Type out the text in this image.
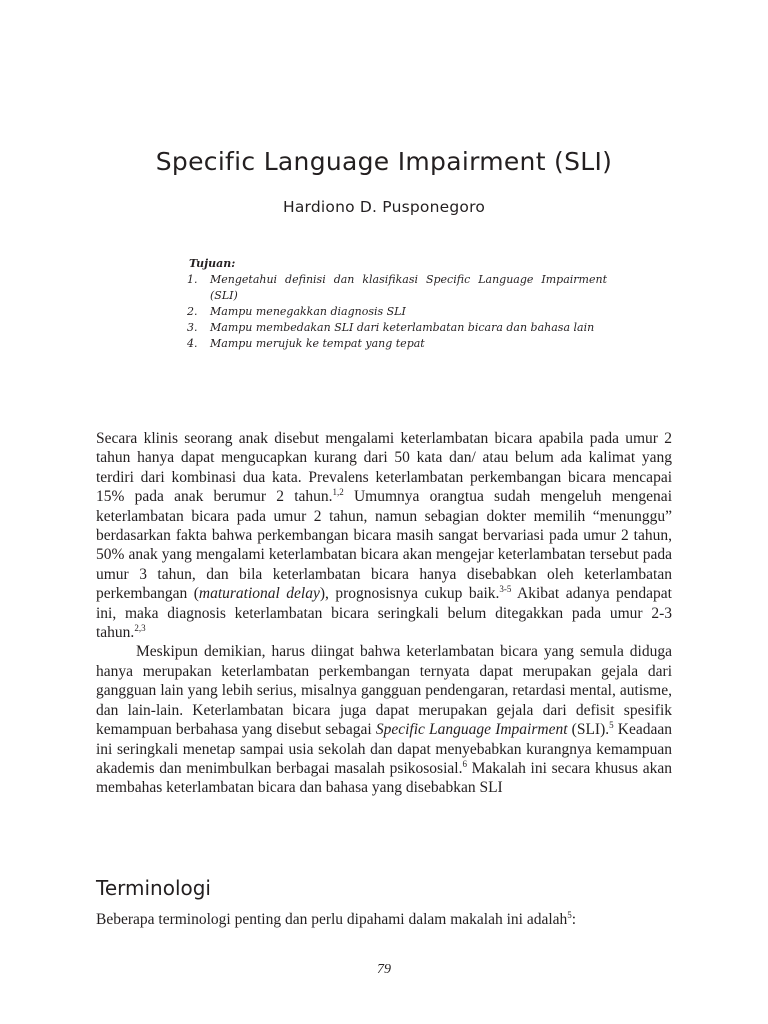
Specific Language Impairment (SLI)
Hardiono D. Pusponegoro
Tujuan:
1.	Mengetahui definisi dan klasifikasi Specific Language Impairment (SLI)
2.	Mampu menegakkan diagnosis SLI
3.	Mampu membedakan SLI dari keterlambatan bicara dan bahasa lain
4.	Mampu merujuk ke tempat yang tepat

Secara klinis seorang anak disebut mengalami keterlambatan bicara apabila pada umur 2 tahun hanya dapat mengucapkan kurang dari 50 kata dan/ atau belum ada kalimat yang terdiri dari kombinasi dua kata. Prevalens keterlambatan perkembangan bicara mencapai 15% pada anak berumur 2 tahun.$^{1,2}$ Umumnya orangtua sudah mengeluh mengenai keterlambatan bicara pada umur 2 tahun, namun sebagian dokter memilih “menunggu” berdasarkan fakta bahwa perkembangan bicara masih sangat bervariasi pada umur 2 tahun, 50% anak yang mengalami keterlambatan bicara akan mengejar keterlambatan tersebut pada umur 3 tahun, dan bila keterlambatan bicara hanya disebabkan oleh keterlambatan perkembangan (maturational delay), prognosisnya cukup baik.$^{3-5}$ Akibat adanya pendapat ini, maka diagnosis keterlambatan bicara seringkali belum ditegakkan pada umur 2-3 tahun.$^{2,3}$

Meskipun demikian, harus diingat bahwa keterlambatan bicara yang semula diduga hanya merupakan keterlambatan perkembangan ternyata dapat merupakan gejala dari gangguan lain yang lebih serius, misalnya gangguan pendengaran, retardasi mental, autisme, dan lain-lain. Keterlambatan bicara juga dapat merupakan gejala dari defisit spesifik kemampuan berbahasa yang disebut sebagai Specific Language Impairment (SLI).$^5$ Keadaan ini seringkali menetap sampai usia sekolah dan dapat menyebabkan kurangnya kemampuan akademis dan menimbulkan berbagai masalah psikososial.$^6$ Makalah ini secara khusus akan membahas keterlambatan bicara dan bahasa yang disebabkan SLI

Terminologi
Beberapa terminologi penting dan perlu dipahami dalam makalah ini adalah$^5$:
79
